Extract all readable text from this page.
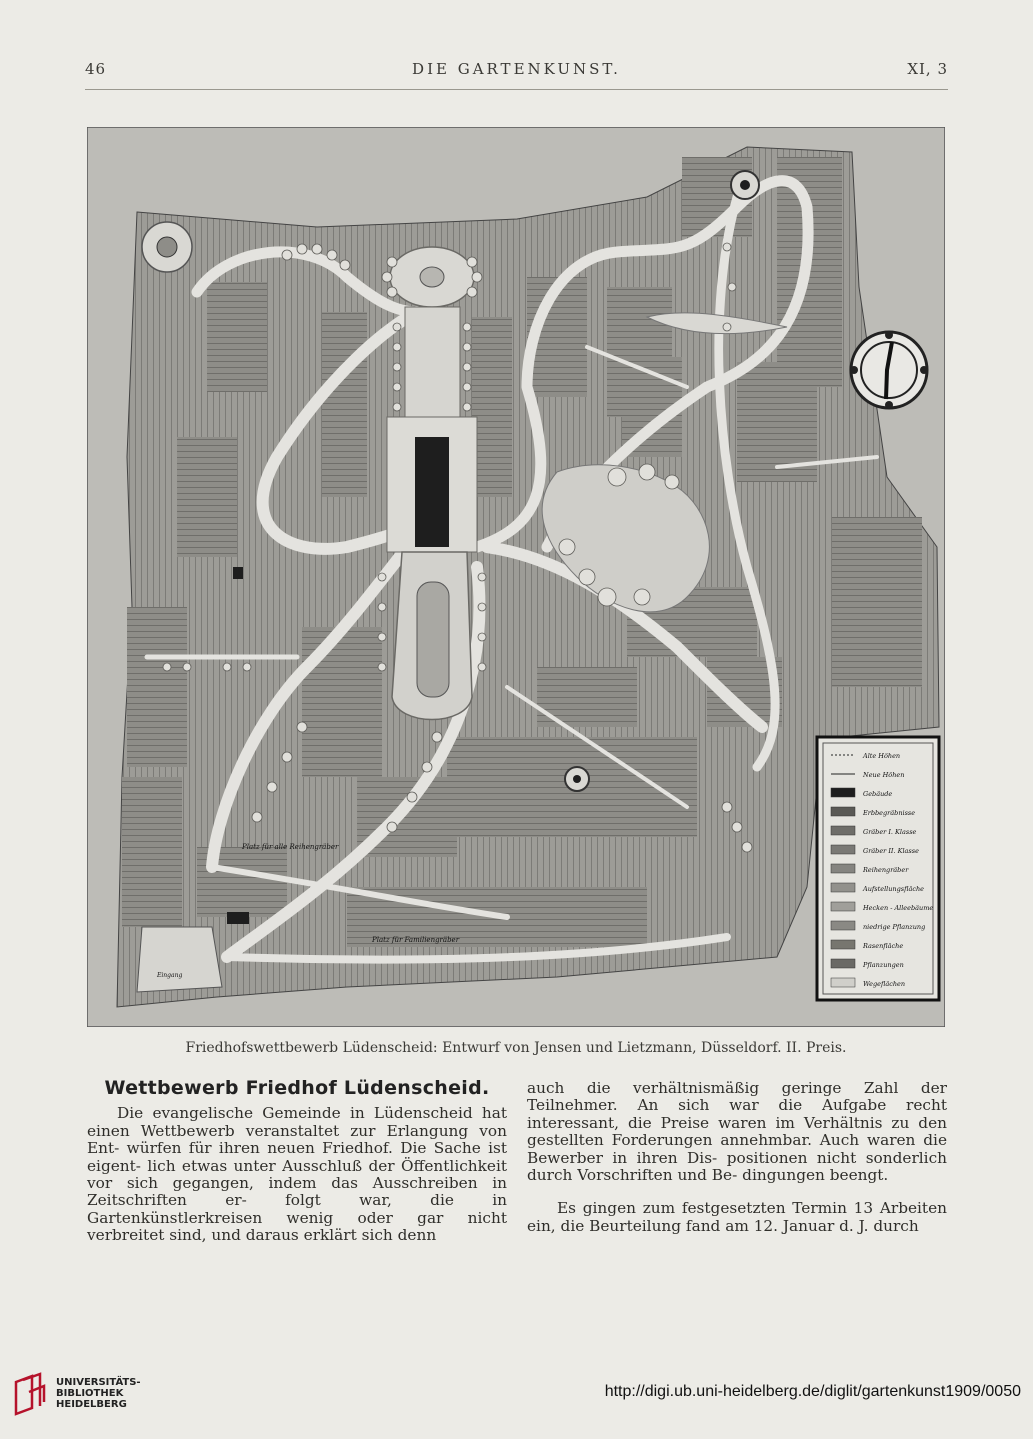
46	DIE GARTENKUNST.	XI, 3
Platz für alle Reihengräber
Platz für Familiengräber
Eingang
Alte Höhen
Neue Höhen
Gebäude
Erbbegräbnisse
Gräber I. Klasse
Gräber II. Klasse
Reihengräber
Aufstellungsfläche
Hecken - Alleebäume
niedrige Pflanzung
Rasenfläche
Pflanzungen
Wegeflächen
Friedhofswettbewerb Lüdenscheid: Entwurf von Jensen und Lietzmann, Düsseldorf. II. Preis.
Wettbewerb Friedhof Lüdenscheid.

Die evangelische Gemeinde in Lüdenscheid hat einen Wettbewerb veranstaltet zur Erlangung von Ent- würfen für ihren neuen Friedhof. Die Sache ist eigent- lich etwas unter Ausschluß der Öffentlichkeit vor sich gegangen, indem das Ausschreiben in Zeitschriften er-	folgt war, die in Gartenkünstlerkreisen wenig oder gar nicht verbreitet sind, und daraus erklärt sich denn

auch die verhältnismäßig geringe Zahl der Teilnehmer. An sich war die Aufgabe recht interessant, die Preise waren im Verhältnis zu den gestellten Forderungen annehmbar. Auch waren die Bewerber in ihren Dis- positionen nicht sonderlich durch Vorschriften und Be- dingungen beengt.

Es gingen zum festgesetzten Termin 13 Arbeiten ein, die Beurteilung fand am 12. Januar d. J. durch

UNIVERSITÄTS-
BIBLIOTHEK
HEIDELBERG
http://digi.ub.uni-heidelberg.de/diglit/gartenkunst1909/0050
